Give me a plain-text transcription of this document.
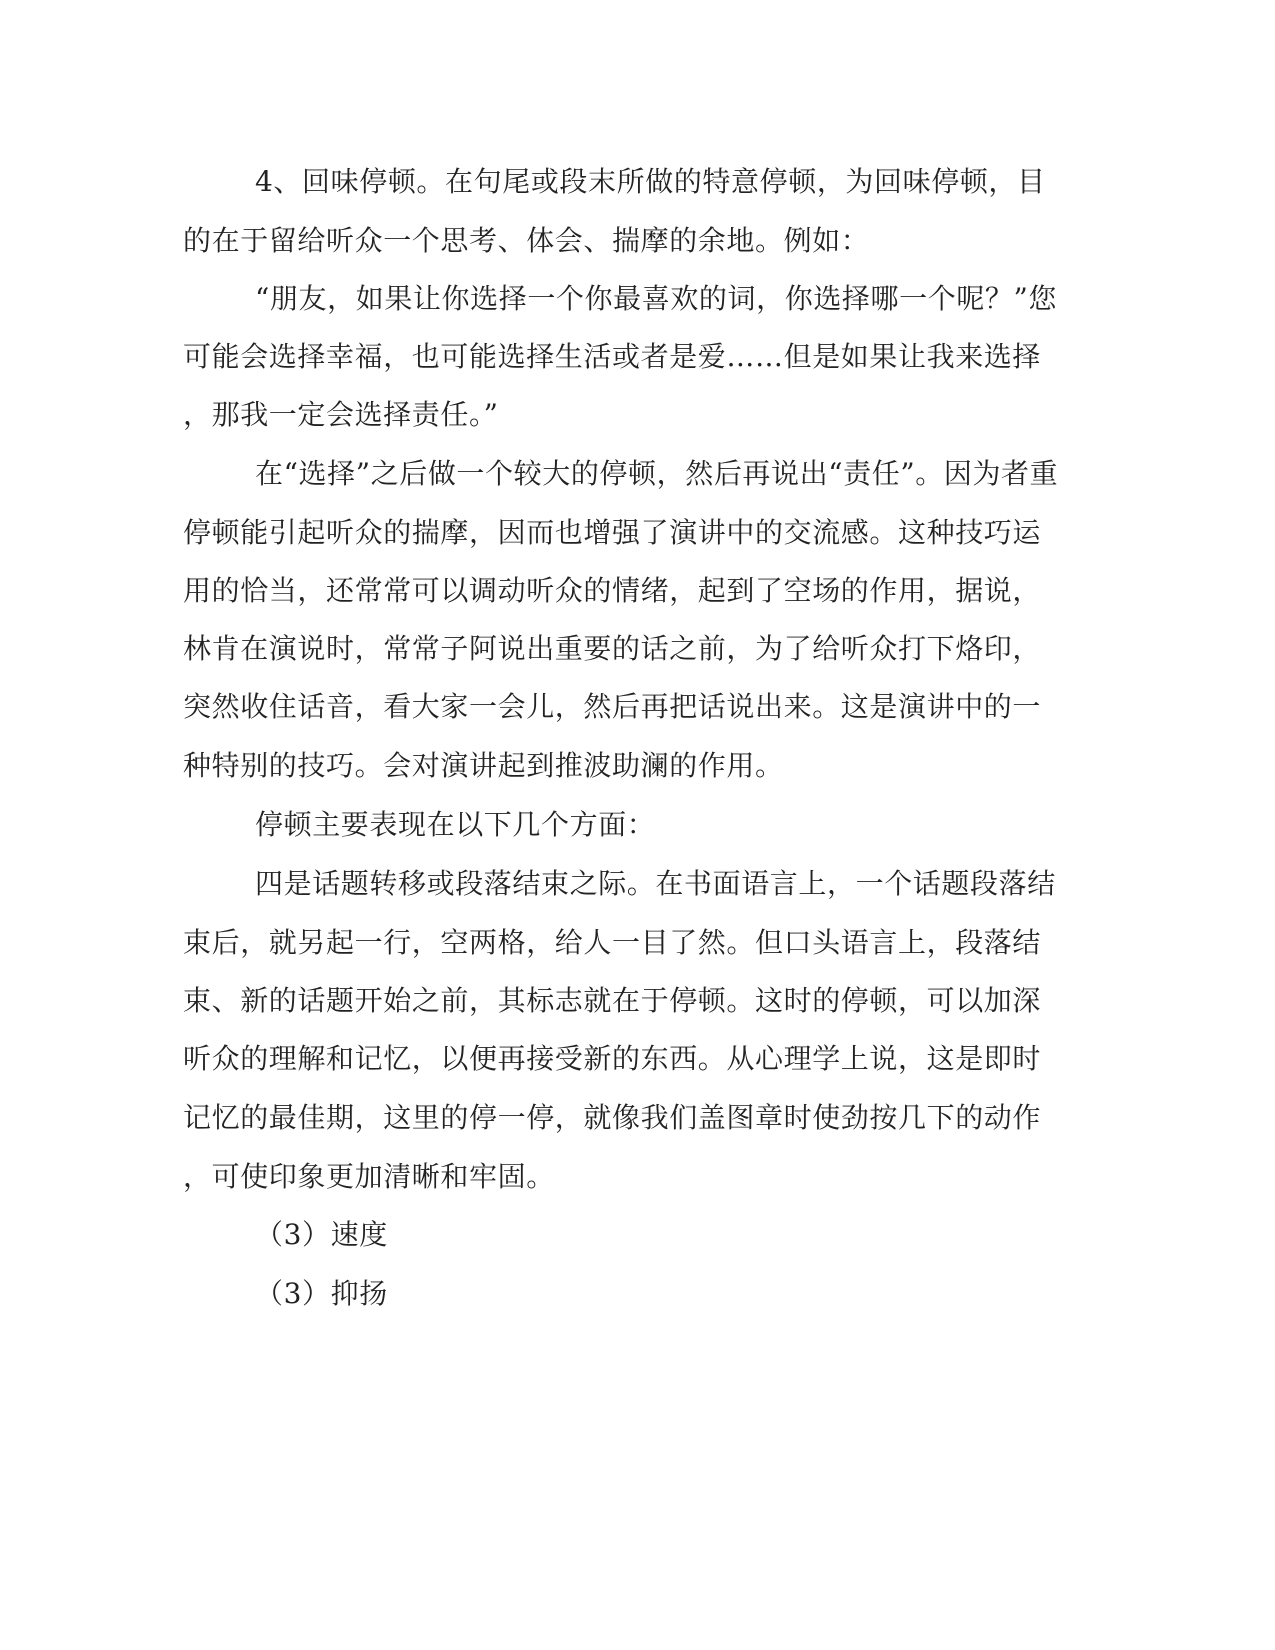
4、回味停顿。在句尾或段末所做的特意停顿，为回味停顿，目
的在于留给听众一个思考、体会、揣摩的余地。例如：
“朋友，如果让你选择一个你最喜欢的词，你选择哪一个呢？”您
可能会选择幸福，也可能选择生活或者是爱……但是如果让我来选择
，那我一定会选择责任。”
在“选择”之后做一个较大的停顿，然后再说出“责任”。因为者重
停顿能引起听众的揣摩，因而也增强了演讲中的交流感。这种技巧运
用的恰当，还常常可以调动听众的情绪，起到了空场的作用，据说，
林肯在演说时，常常子阿说出重要的话之前，为了给听众打下烙印，
突然收住话音，看大家一会儿，然后再把话说出来。这是演讲中的一
种特别的技巧。会对演讲起到推波助澜的作用。
停顿主要表现在以下几个方面：
四是话题转移或段落结束之际。在书面语言上，一个话题段落结
束后，就另起一行，空两格，给人一目了然。但口头语言上，段落结
束、新的话题开始之前，其标志就在于停顿。这时的停顿，可以加深
听众的理解和记忆，以便再接受新的东西。从心理学上说，这是即时
记忆的最佳期，这里的停一停，就像我们盖图章时使劲按几下的动作
，可使印象更加清晰和牢固。
（3）速度
（3）抑扬
